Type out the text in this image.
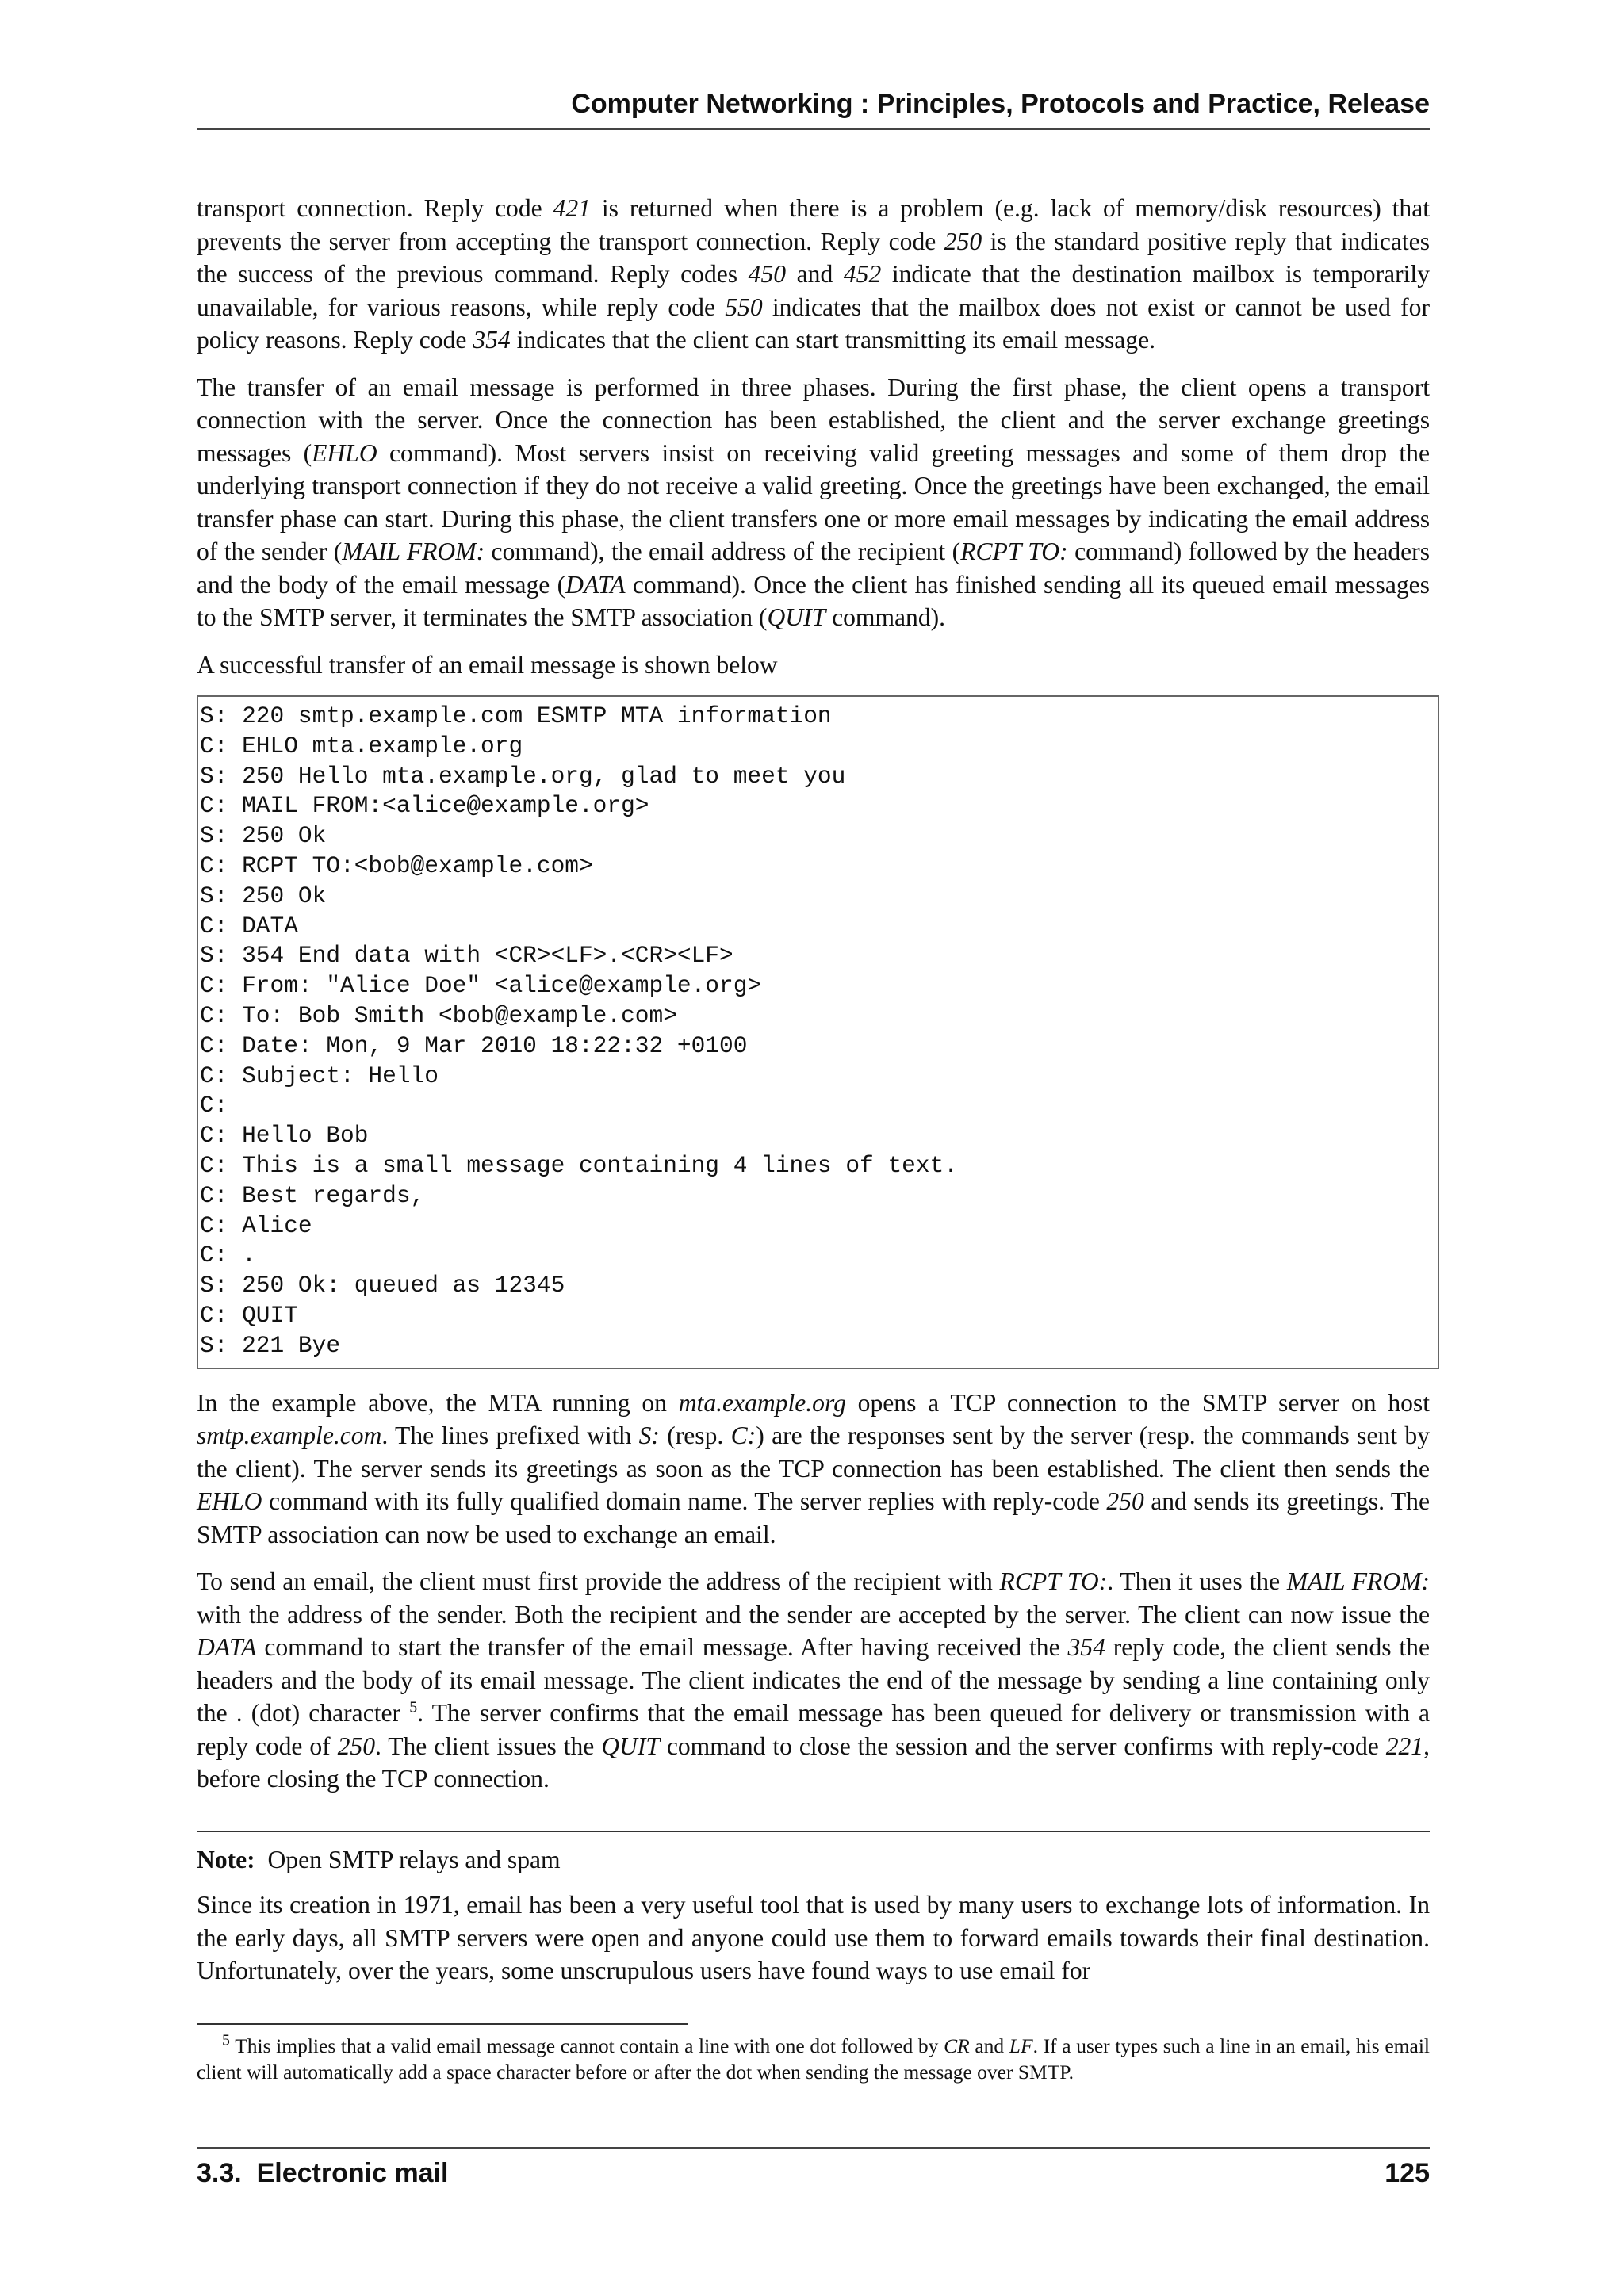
Computer Networking : Principles, Protocols and Practice, Release

transport connection. Reply code 421 is returned when there is a problem (e.g. lack of memory/disk resources) that prevents the server from accepting the transport connection. Reply code 250 is the standard positive reply that indicates the success of the previous command. Reply codes 450 and 452 indicate that the destination mailbox is temporarily unavailable, for various reasons, while reply code 550 indicates that the mailbox does not exist or cannot be used for policy reasons. Reply code 354 indicates that the client can start transmitting its email message.

The transfer of an email message is performed in three phases. During the first phase, the client opens a transport connection with the server. Once the connection has been established, the client and the server exchange greetings messages (EHLO command). Most servers insist on receiving valid greeting messages and some of them drop the underlying transport connection if they do not receive a valid greeting. Once the greetings have been exchanged, the email transfer phase can start. During this phase, the client transfers one or more email messages by indicating the email address of the sender (MAIL FROM: command), the email address of the recipient (RCPT TO: command) followed by the headers and the body of the email message (DATA command). Once the client has finished sending all its queued email messages to the SMTP server, it terminates the SMTP association (QUIT command).

A successful transfer of an email message is shown below

S: 220 smtp.example.com ESMTP MTA information
C: EHLO mta.example.org
S: 250 Hello mta.example.org, glad to meet you
C: MAIL FROM:<alice@example.org>
S: 250 Ok
C: RCPT TO:<bob@example.com>
S: 250 Ok
C: DATA
S: 354 End data with <CR><LF>.<CR><LF>
C: From: "Alice Doe" <alice@example.org>
C: To: Bob Smith <bob@example.com>
C: Date: Mon, 9 Mar 2010 18:22:32 +0100
C: Subject: Hello
C:
C: Hello Bob
C: This is a small message containing 4 lines of text.
C: Best regards,
C: Alice
C: .
S: 250 Ok: queued as 12345
C: QUIT
S: 221 Bye

In the example above, the MTA running on mta.example.org opens a TCP connection to the SMTP server on host smtp.example.com. The lines prefixed with S: (resp. C:) are the responses sent by the server (resp. the commands sent by the client). The server sends its greetings as soon as the TCP connection has been established. The client then sends the EHLO command with its fully qualified domain name. The server replies with reply-code 250 and sends its greetings. The SMTP association can now be used to exchange an email.

To send an email, the client must first provide the address of the recipient with RCPT TO:. Then it uses the MAIL FROM: with the address of the sender. Both the recipient and the sender are accepted by the server. The client can now issue the DATA command to start the transfer of the email message. After having received the 354 reply code, the client sends the headers and the body of its email message. The client indicates the end of the message by sending a line containing only the . (dot) character $^5$. The server confirms that the email message has been queued for delivery or transmission with a reply code of 250. The client issues the QUIT command to close the session and the server confirms with reply-code 221, before closing the TCP connection.

Note: Open SMTP relays and spam

Since its creation in 1971, email has been a very useful tool that is used by many users to exchange lots of information. In the early days, all SMTP servers were open and anyone could use them to forward emails towards their final destination. Unfortunately, over the years, some unscrupulous users have found ways to use email for

$^5$ This implies that a valid email message cannot contain a line with one dot followed by CR and LF. If a user types such a line in an email, his email client will automatically add a space character before or after the dot when sending the message over SMTP.
3.3.  Electronic mail	125
